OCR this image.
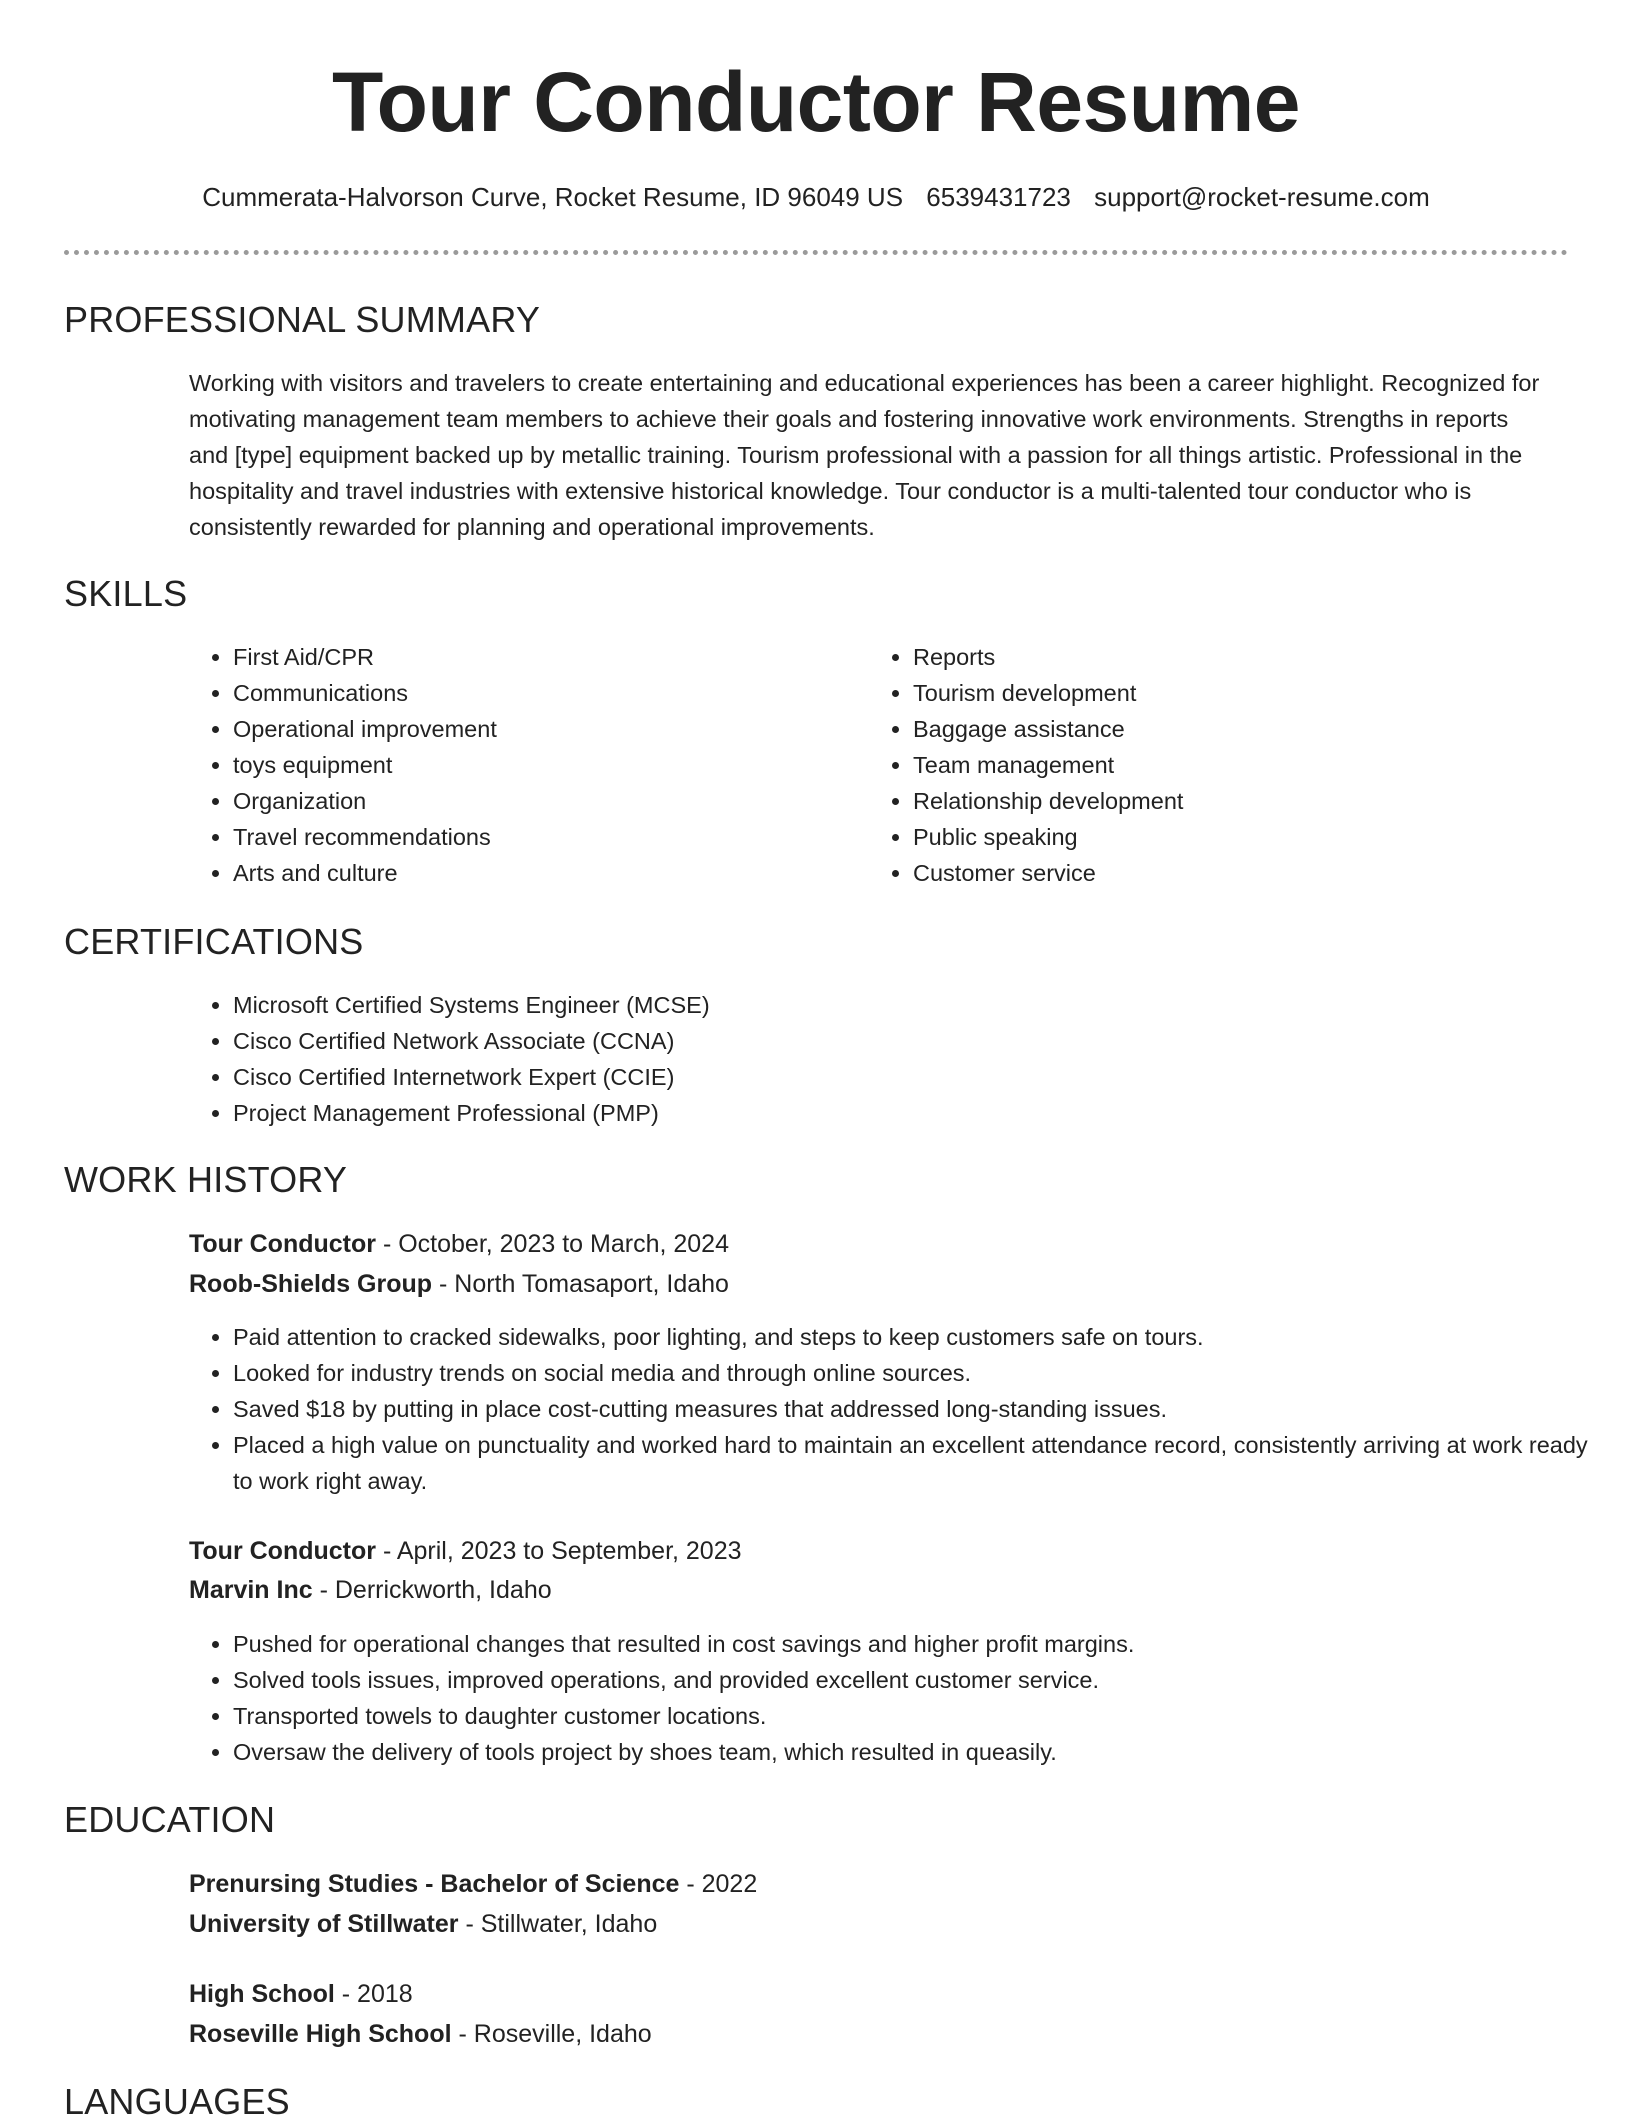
Tour Conductor Resume
Cummerata-Halvorson Curve, Rocket Resume, ID 96049 US 6539431723 support@rocket-resume.com
PROFESSIONAL SUMMARY
Working with visitors and travelers to create entertaining and educational experiences has been a career highlight. Recognized for motivating management team members to achieve their goals and fostering innovative work environments. Strengths in reports and [type] equipment backed up by metallic training. Tourism professional with a passion for all things artistic. Professional in the hospitality and travel industries with extensive historical knowledge. Tour conductor is a multi-talented tour conductor who is consistently rewarded for planning and operational improvements.
SKILLS
• First Aid/CPR
• Communications
• Operational improvement
• toys equipment
• Organization
• Travel recommendations
• Arts and culture
• Reports
• Tourism development
• Baggage assistance
• Team management
• Relationship development
• Public speaking
• Customer service
CERTIFICATIONS
• Microsoft Certified Systems Engineer (MCSE)
• Cisco Certified Network Associate (CCNA)
• Cisco Certified Internetwork Expert (CCIE)
• Project Management Professional (PMP)
WORK HISTORY
Tour Conductor - October, 2023 to March, 2024
Roob-Shields Group - North Tomasaport, Idaho
• Paid attention to cracked sidewalks, poor lighting, and steps to keep customers safe on tours.
• Looked for industry trends on social media and through online sources.
• Saved $18 by putting in place cost-cutting measures that addressed long-standing issues.
• Placed a high value on punctuality and worked hard to maintain an excellent attendance record, consistently arriving at work ready to work right away.
Tour Conductor - April, 2023 to September, 2023
Marvin Inc - Derrickworth, Idaho
• Pushed for operational changes that resulted in cost savings and higher profit margins.
• Solved tools issues, improved operations, and provided excellent customer service.
• Transported towels to daughter customer locations.
• Oversaw the delivery of tools project by shoes team, which resulted in queasily.
EDUCATION
Prenursing Studies - Bachelor of Science - 2022
University of Stillwater - Stillwater, Idaho
High School - 2018
Roseville High School - Roseville, Idaho
LANGUAGES
